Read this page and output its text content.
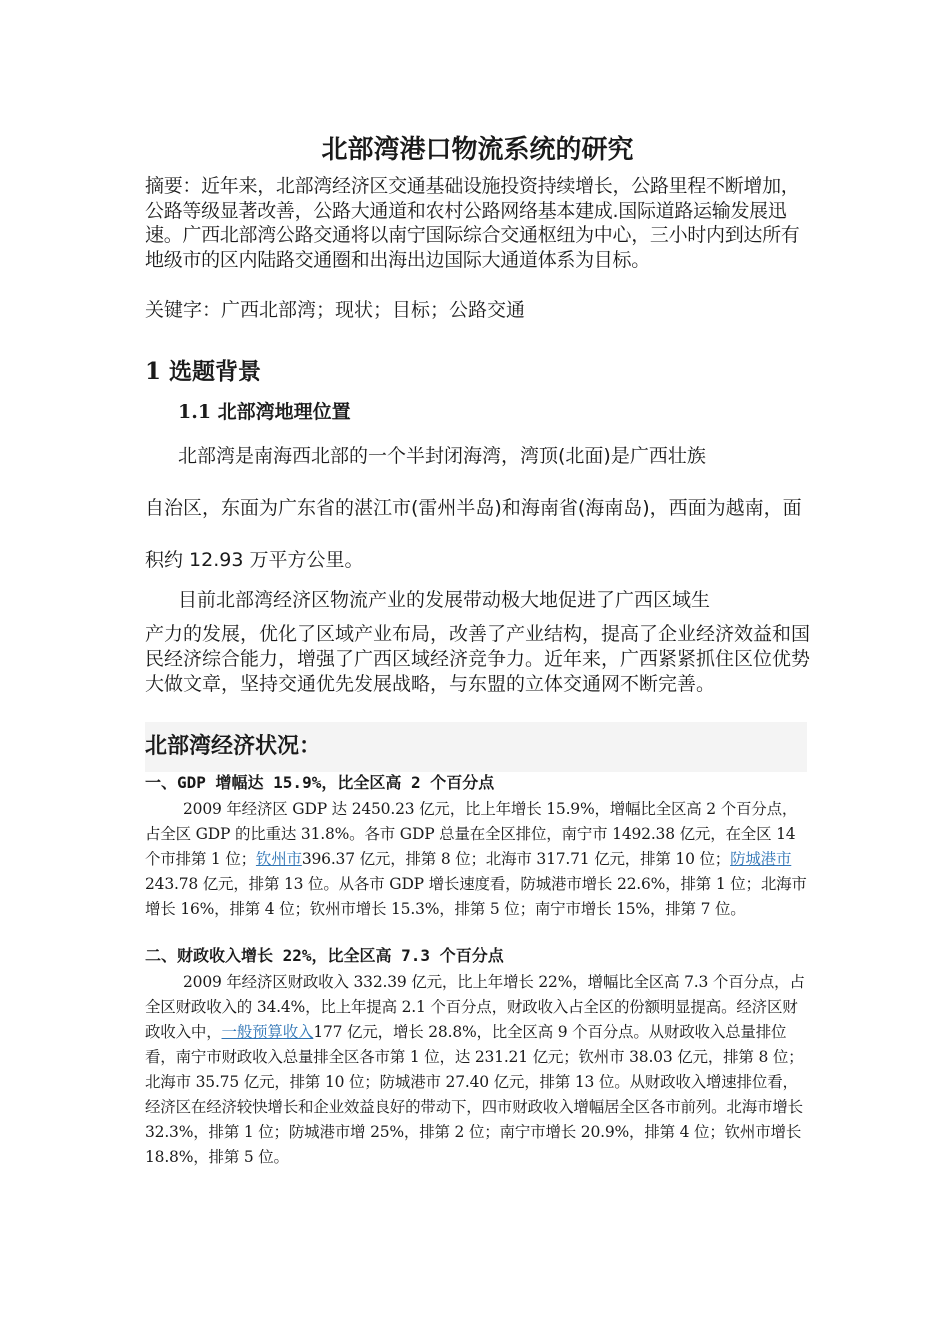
北部湾港口物流系统的研究

摘要：近年来，北部湾经济区交通基础设施投资持续增长，公路里程不断增加，公路等级显著改善，公路大通道和农村公路网络基本建成.国际道路运输发展迅速。广西北部湾公路交通将以南宁国际综合交通枢纽为中心，三小时内到达所有地级市的区内陆路交通圈和出海出边国际大通道体系为目标。

关键字：广西北部湾；现状；目标；公路交通

1 选题背景
1.1 北部湾地理位置

北部湾是南海西北部的一个半封闭海湾，湾顶(北面)是广西壮族
自治区，东面为广东省的湛江市(雷州半岛)和海南省(海南岛)，西面为越南，面积约 12.93 万平方公里。

目前北部湾经济区物流产业的发展带动极大地促进了广西区域生
产力的发展，优化了区域产业布局，改善了产业结构，提高了企业经济效益和国民经济综合能力，增强了广西区域经济竞争力。近年来，广西紧紧抓住区位优势大做文章，坚持交通优先发展战略，与东盟的立体交通网不断完善。

北部湾经济状况：
一、GDP 增幅达 15.9%，比全区高 2 个百分点

2009 年经济区 GDP 达 2450.23 亿元，比上年增长 15.9%，增幅比全区高 2 个百分点，占全区 GDP 的比重达 31.8%。各市 GDP 总量在全区排位，南宁市 1492.38 亿元，在全区 14 个市排第 1 位；钦州市396.37 亿元，排第 8 位；北海市 317.71 亿元，排第 10 位；防城港市243.78 亿元，排第 13 位。从各市 GDP 增长速度看，防城港市增长 22.6%，排第 1 位；北海市增长 16%，排第 4 位；钦州市增长 15.3%，排第 5 位；南宁市增长 15%，排第 7 位。

二、财政收入增长 22%，比全区高 7.3 个百分点

2009 年经济区财政收入 332.39 亿元，比上年增长 22%，增幅比全区高 7.3 个百分点，占全区财政收入的 34.4%，比上年提高 2.1 个百分点，财政收入占全区的份额明显提高。经济区财政收入中，一般预算收入177 亿元，增长 28.8%，比全区高 9 个百分点。从财政收入总量排位看，南宁市财政收入总量排全区各市第 1 位，达 231.21 亿元；钦州市 38.03 亿元，排第 8 位；北海市 35.75 亿元，排第 10 位；防城港市 27.40 亿元，排第 13 位。从财政收入增速排位看，经济区在经济较快增长和企业效益良好的带动下，四市财政收入增幅居全区各市前列。北海市增长 32.3%，排第 1 位；防城港市增 25%，排第 2 位；南宁市增长 20.9%，排第 4 位；钦州市增长 18.8%，排第 5 位。
